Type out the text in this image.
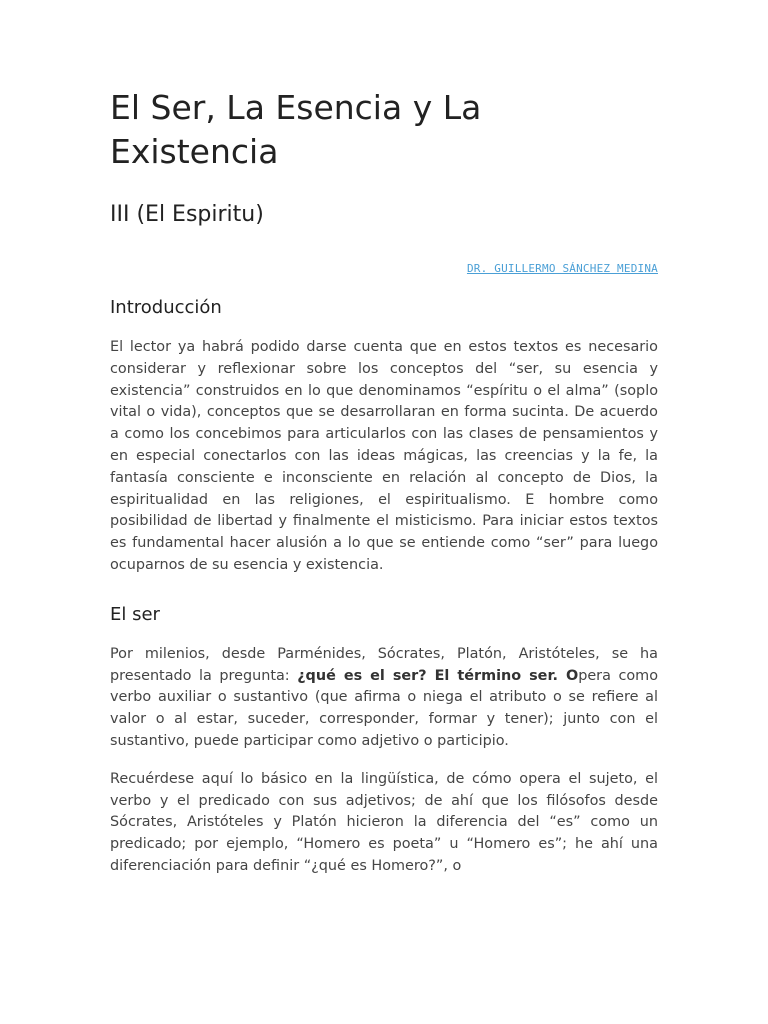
El Ser, La Esencia y La Existencia
III (El Espiritu)
DR. GUILLERMO SÁNCHEZ MEDINA
Introducción

El lector ya habrá podido darse cuenta que en estos textos es necesario considerar y reflexionar sobre los conceptos del “ser, su esencia y existencia” construidos en lo que denominamos “espíritu o el alma” (soplo vital o vida), conceptos que se desarrollaran en forma sucinta. De acuerdo a como los concebimos para articularlos con las clases de pensamientos y en especial conectarlos con las ideas mágicas, las creencias y la fe, la fantasía consciente e inconsciente en relación al concepto de Dios, la espiritualidad en las religiones, el espiritualismo. E hombre como posibilidad de libertad y finalmente el misticismo. Para iniciar estos textos es fundamental hacer alusión a lo que se entiende como “ser” para luego ocuparnos de su esencia y existencia.

El ser

Por milenios, desde Parménides, Sócrates, Platón, Aristóteles, se ha presentado la pregunta: ¿qué es el ser? El término ser. Opera como verbo auxiliar o sustantivo (que afirma o niega el atributo o se refiere al valor o al estar, suceder, corresponder, formar y tener); junto con el sustantivo, puede participar como adjetivo o participio.

Recuérdese aquí lo básico en la lingüística, de cómo opera el sujeto, el verbo y el predicado con sus adjetivos; de ahí que los filósofos desde Sócrates, Aristóteles y Platón hicieron la diferencia del “es” como un predicado; por ejemplo, “Homero es poeta” u “Homero es”; he ahí una diferenciación para definir “¿qué es Homero?”, o
